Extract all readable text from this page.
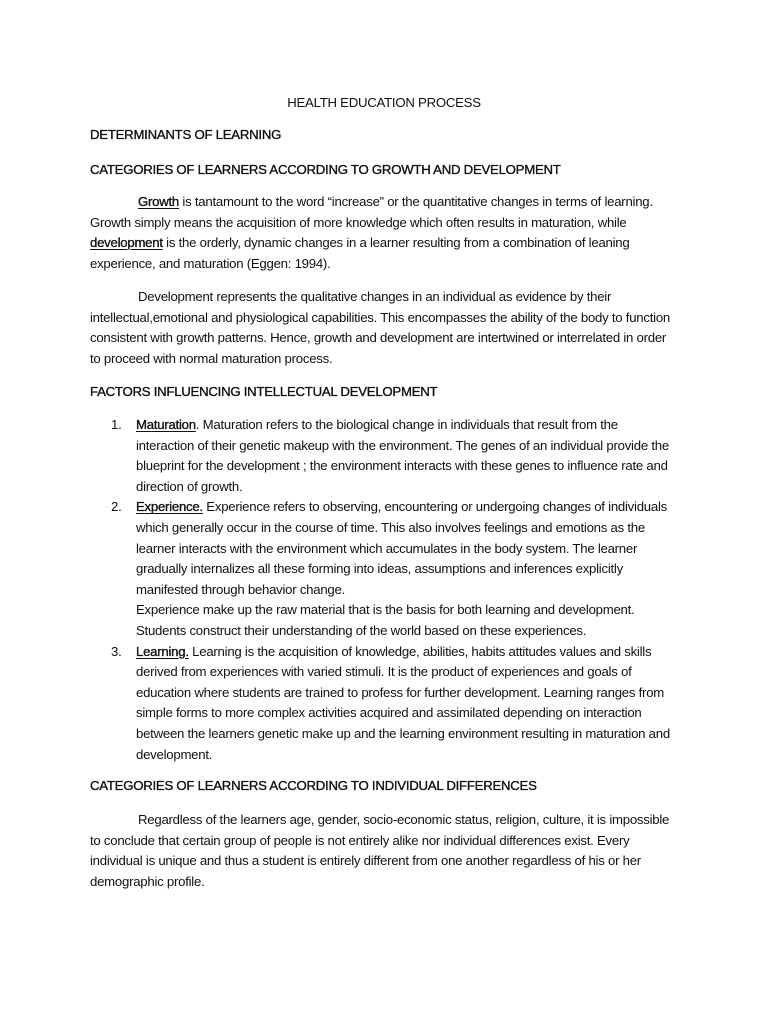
HEALTH EDUCATION PROCESS
DETERMINANTS OF LEARNING
CATEGORIES OF LEARNERS ACCORDING TO GROWTH AND DEVELOPMENT
Growth is tantamount to the word “increase” or the quantitative changes in terms of learning. Growth simply means the acquisition of more knowledge which often results in maturation, while development is the orderly, dynamic changes in a learner resulting from a combination of leaning experience, and maturation (Eggen: 1994).
Development represents the qualitative changes in an individual as evidence by their intellectual,emotional and physiological capabilities. This encompasses the ability of the body to function consistent with growth patterns. Hence, growth and development are intertwined or interrelated in order to proceed with normal maturation process.
FACTORS INFLUENCING INTELLECTUAL DEVELOPMENT
1. Maturation. Maturation refers to the biological change in individuals that result from the interaction of their genetic makeup with the environment. The genes of an individual provide the blueprint for the development ; the environment interacts with these genes to influence rate and direction of growth.
2. Experience. Experience refers to observing, encountering or undergoing changes of individuals which generally occur in the course of time. This also involves feelings and emotions as the learner interacts with the environment which accumulates in the body system. The learner gradually internalizes all these forming into ideas, assumptions and inferences explicitly manifested through behavior change.
Experience make up the raw material that is the basis for both learning and development. Students construct their understanding of the world based on these experiences.
3. Learning. Learning is the acquisition of knowledge, abilities, habits attitudes values and skills derived from experiences with varied stimuli. It is the product of experiences and goals of education where students are trained to profess for further development. Learning ranges from simple forms to more complex activities acquired and assimilated depending on interaction between the learners genetic make up and the learning environment resulting in maturation and development.
CATEGORIES OF LEARNERS ACCORDING TO INDIVIDUAL DIFFERENCES
Regardless of the learners age, gender, socio-economic status, religion, culture, it is impossible to conclude that certain group of people is not entirely alike nor individual differences exist. Every individual is unique and thus a student is entirely different from one another regardless of his or her demographic profile.
